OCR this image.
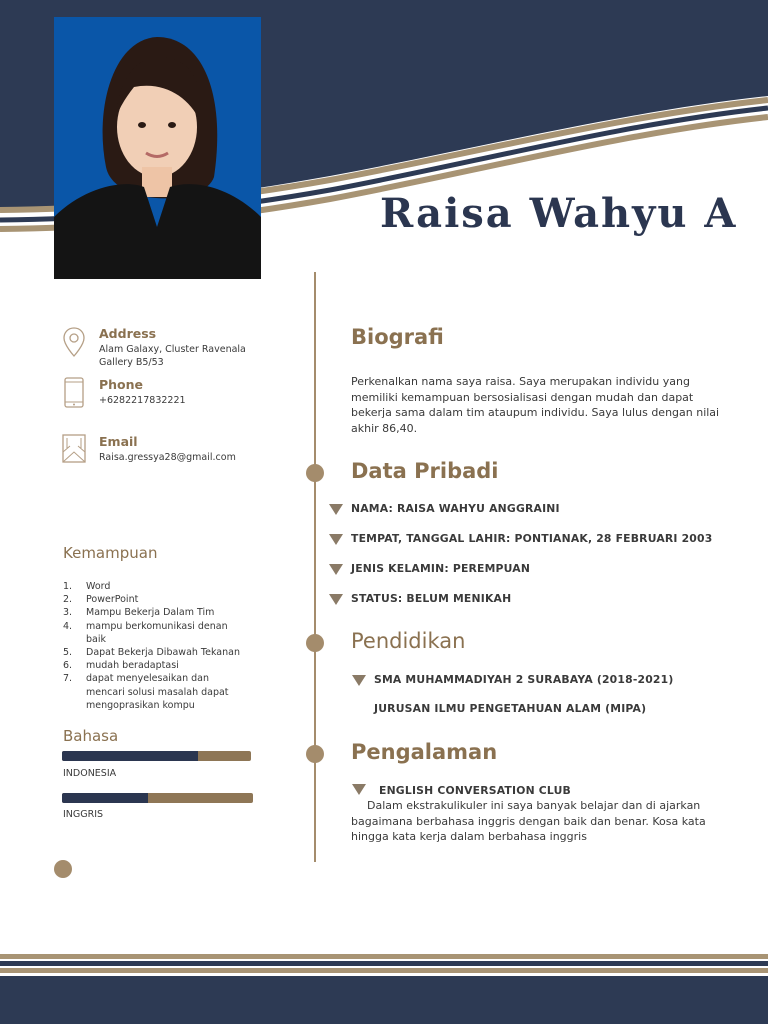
Raisa Wahyu A
Address
Alam Galaxy, Cluster Ravenala Gallery B5/53
Phone
+6282217832221
Email
Raisa.gressya28@gmail.com
Kemampuan
1. Word
2. PowerPoint
3. Mampu Bekerja Dalam Tim
4. mampu berkomunikasi denan baik
5. Dapat Bekerja Dibawah Tekanan
6. mudah beradaptasi
7. dapat menyelesaikan dan mencari solusi masalah dapat mengoprasikan kompu
Bahasa
INDONESIA
INGGRIS
Biografi
Perkenalkan nama saya raisa. Saya merupakan individu yang memiliki kemampuan bersosialisasi dengan mudah dan dapat bekerja sama dalam tim ataupum individu. Saya lulus dengan nilai akhir 86,40.
Data Pribadi
NAMA: RAISA WAHYU ANGGRAINI
TEMPAT, TANGGAL LAHIR: PONTIANAK, 28 FEBRUARI 2003
JENIS KELAMIN: PEREMPUAN
STATUS: BELUM MENIKAH
Pendidikan
SMA MUHAMMADIYAH 2 SURABAYA (2018-2021)
JURUSAN ILMU PENGETAHUAN ALAM (MIPA)
Pengalaman
ENGLISH CONVERSATION CLUB
Dalam ekstrakulikuler ini saya banyak belajar dan di ajarkan bagaimana berbahasa inggris dengan baik dan benar. Kosa kata hingga kata kerja dalam berbahasa inggris
